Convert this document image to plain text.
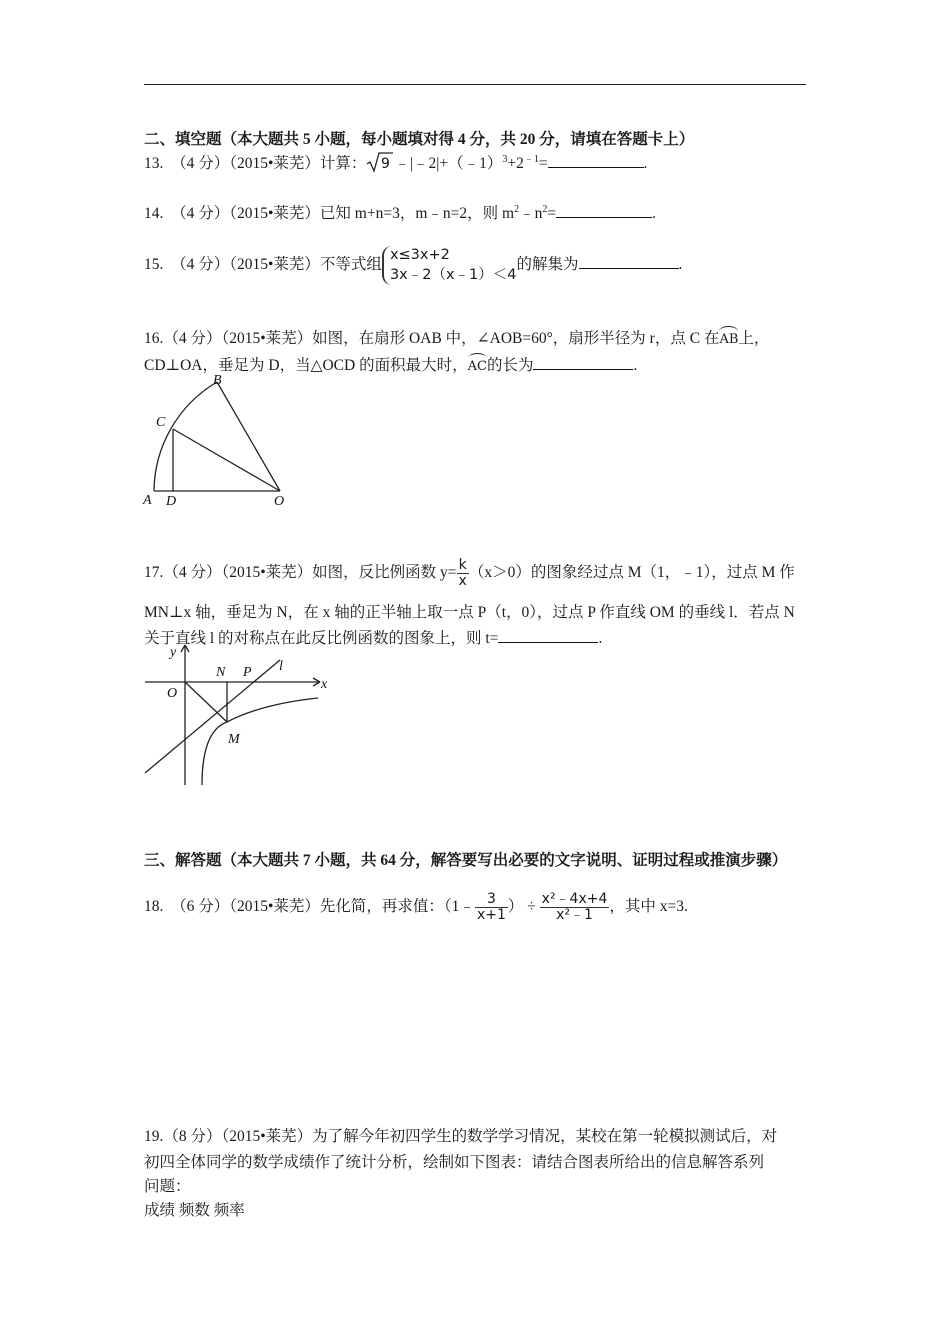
二、填空题（本大题共 5 小题，每小题填对得 4 分，共 20 分，请填在答题卡上）
13.　（4 分）（2015•莱芜）计算： 9 $﹣|﹣2|+(﹣1)^3+2^{﹣1}=$	.
14.　（4 分）（2015•莱芜）已知 m+n=3，m﹣n=2，则 $m^2﹣n^2=$	.
15.　（4 分）（2015•莱芜）不等式组x≤3x+2
3x﹣2（x﹣1）＜4的解集为	.
16.（4 分）（2015•莱芜）如图，在扇形 OAB 中，∠AOB=60°，扇形半径为 r，点 C 在AB上，
CD⊥OA，垂足为 D，当△OCD 的面积最大时，AC的长为	.
B
C
A D	O
17.（4 分）（2015•莱芜）如图，反比例函数 $y= \frac{k}{x} (x>0)$的图象经过点 M（1，﹣1），过点 M 作
MN⊥x 轴，垂足为 N，在 x 轴的正半轴上取一点 P（t，0），过点 P 作直线 OM 的垂线 l．若点 N
关于直线 l 的对称点在此反比例函数的图象上，则 t=	.
y
x
O
N P l
M
三、解答题（本大题共 7 小题，共 64 分，解答要写出必要的文字说明、证明过程或推演步骤）
18.　（6 分）（2015•莱芜）先化简，再求值：（1﹣ $\frac{3}{x+1}$ ） ÷ $\frac{\text{x²﹣4x+4}}{\text{x²﹣1}}$ ，其中 x=3.
19.（8 分）（2015•莱芜）为了解今年初四学生的数学学习情况，某校在第一轮模拟测试后，对
初四全体同学的数学成绩作了统计分析，绘制如下图表：请结合图表所给出的信息解答系列
问题：
成绩 频数 频率
